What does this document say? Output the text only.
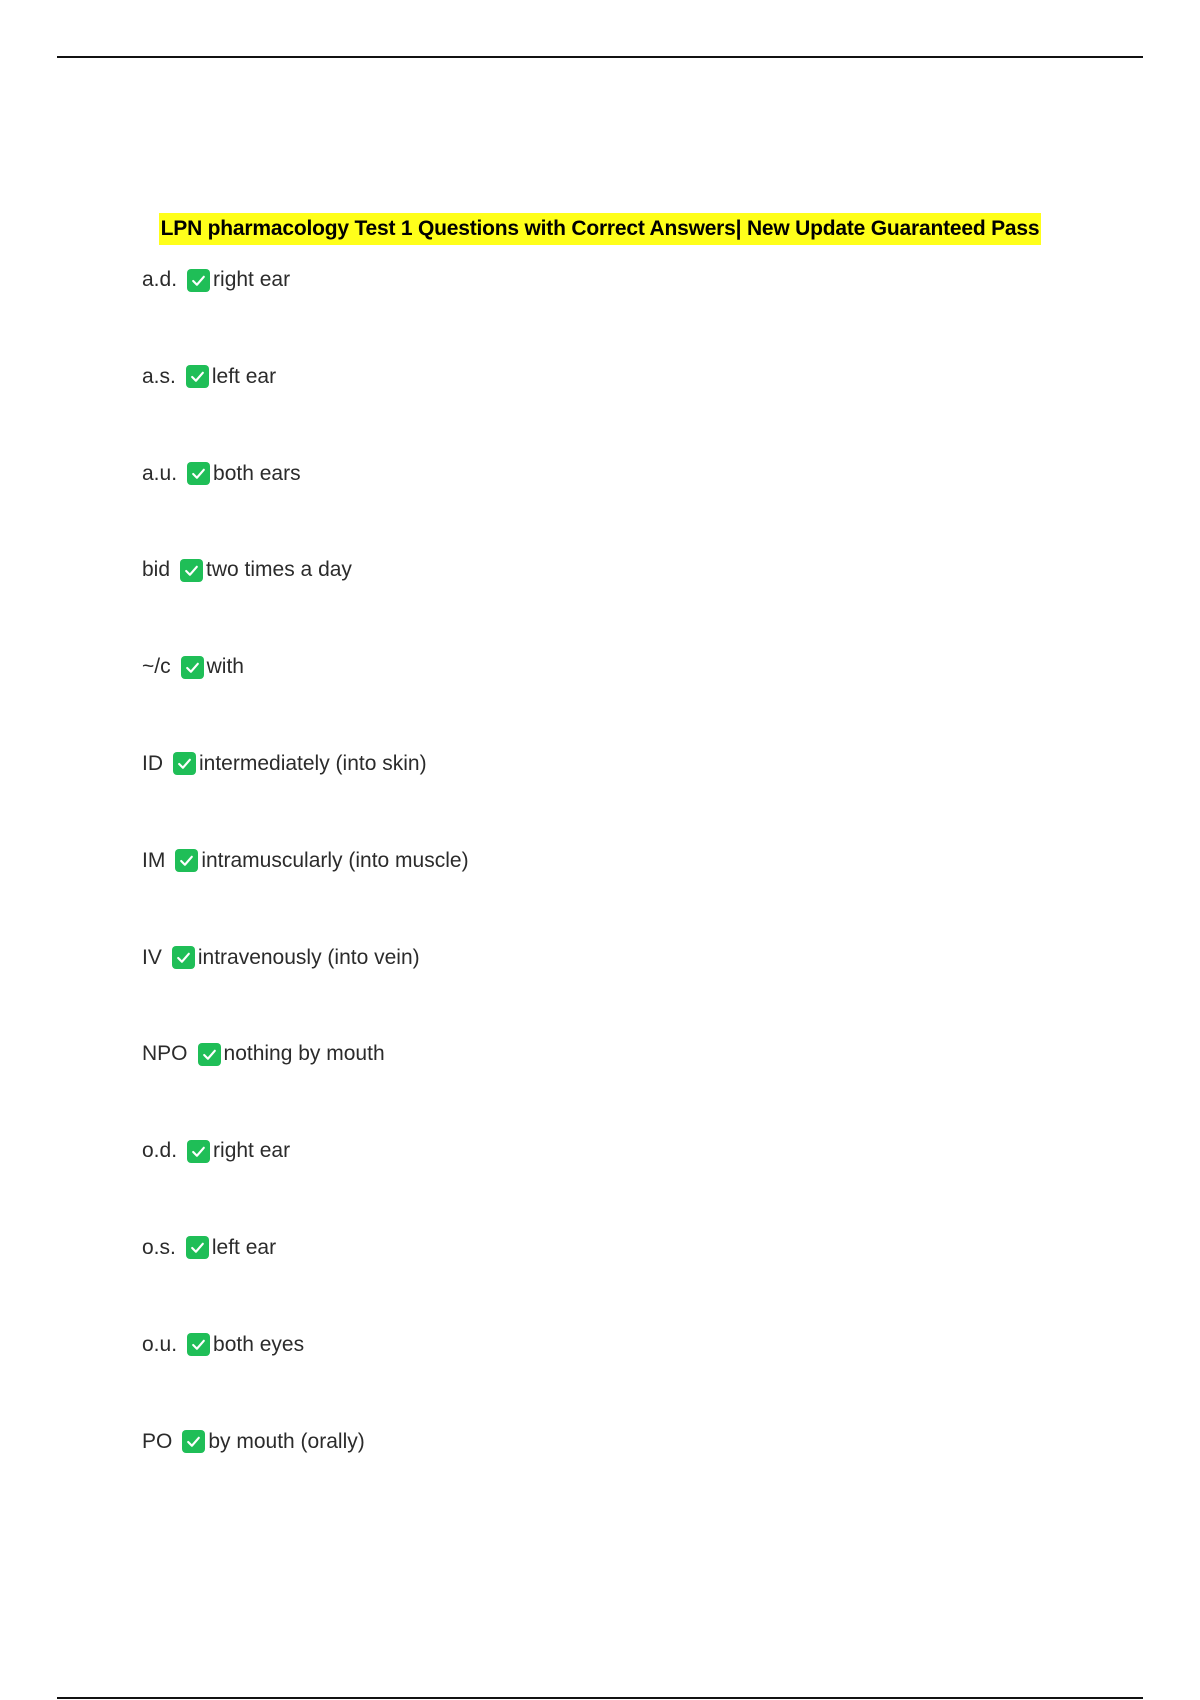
LPN pharmacology Test 1 Questions with Correct Answers| New Update Guaranteed Pass
a.d. right ear
a.s. left ear
a.u. both ears
bid two times a day
~/c with
ID intermediately (into skin)
IM intramuscularly (into muscle)
IV intravenously (into vein)
NPO nothing by mouth
o.d. right ear
o.s. left ear
o.u. both eyes
PO by mouth (orally)
